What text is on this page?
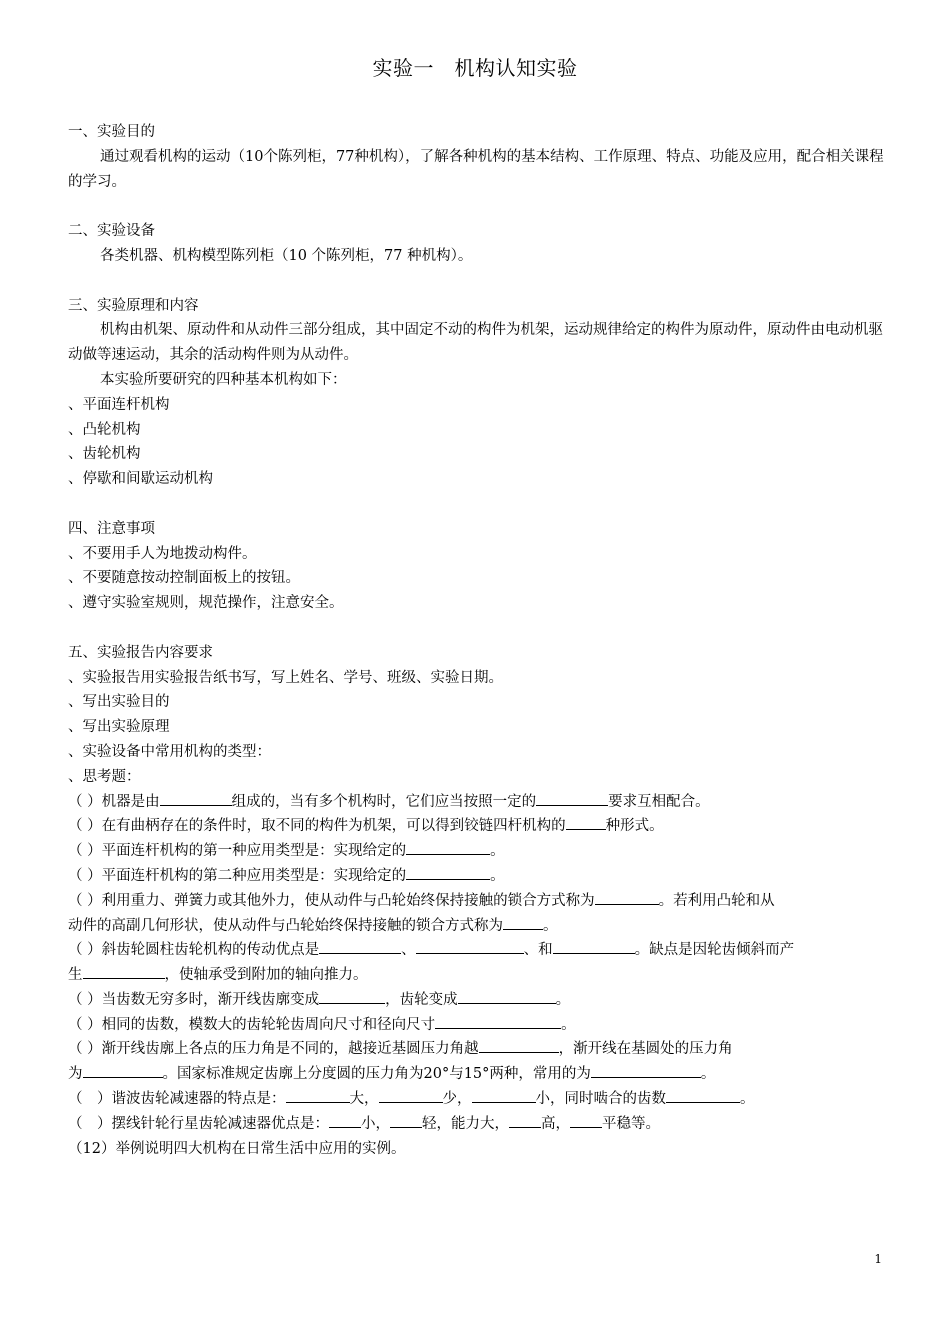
实验一　机构认知实验
一、实验目的
通过观看机构的运动（10个陈列柜，77种机构），了解各种机构的基本结构、工作原理、特点、功能及应用，配合相关课程的学习。
二、实验设备
各类机器、机构模型陈列柜（10 个陈列柜，77 种机构）。
三、实验原理和内容
机构由机架、原动件和从动件三部分组成，其中固定不动的构件为机架，运动规律给定的构件为原动件，原动件由电动机驱动做等速运动，其余的活动构件则为从动件。
本实验所要研究的四种基本机构如下：
、平面连杆机构
、凸轮机构
、齿轮机构
、停歇和间歇运动机构
四、注意事项
、不要用手人为地拨动构件。
、不要随意按动控制面板上的按钮。
、遵守实验室规则，规范操作，注意安全。
五、实验报告内容要求
、实验报告用实验报告纸书写，写上姓名、学号、班级、实验日期。
、写出实验目的
、写出实验原理
、实验设备中常用机构的类型：
、思考题：
（ ）机器是由	组成的，当有多个机构时，它们应当按照一定的	要求互相配合。
（ ）在有曲柄存在的条件时，取不同的构件为机架，可以得到铰链四杆机构的	种形式。
（ ）平面连杆机构的第一种应用类型是：实现给定的	。
（ ）平面连杆机构的第二种应用类型是：实现给定的	。
（ ）利用重力、弹簧力或其他外力，使从动件与凸轮始终保持接触的锁合方式称为	。若利用凸轮和从
动件的高副几何形状，使从动件与凸轮始终保持接触的锁合方式称为	。
（ ）斜齿轮圆柱齿轮机构的传动优点是	、	、和	。缺点是因轮齿倾斜而产
生	，使轴承受到附加的轴向推力。
（ ）当齿数无穷多时，渐开线齿廓变成	，齿轮变成	。
（ ）相同的齿数，模数大的齿轮轮齿周向尺寸和径向尺寸	。
（ ）渐开线齿廓上各点的压力角是不同的，越接近基圆压力角越	，渐开线在基圆处的压力角
为	。国家标准规定齿廓上分度圆的压力角为20°与15°两种，常用的为	。
（　）谐波齿轮减速器的特点是：	大，	少，	小，同时啮合的齿数	。
（　）摆线针轮行星齿轮减速器优点是： 小， 轻，能力大， 高， 平稳等。
（12）举例说明四大机构在日常生活中应用的实例。
1
